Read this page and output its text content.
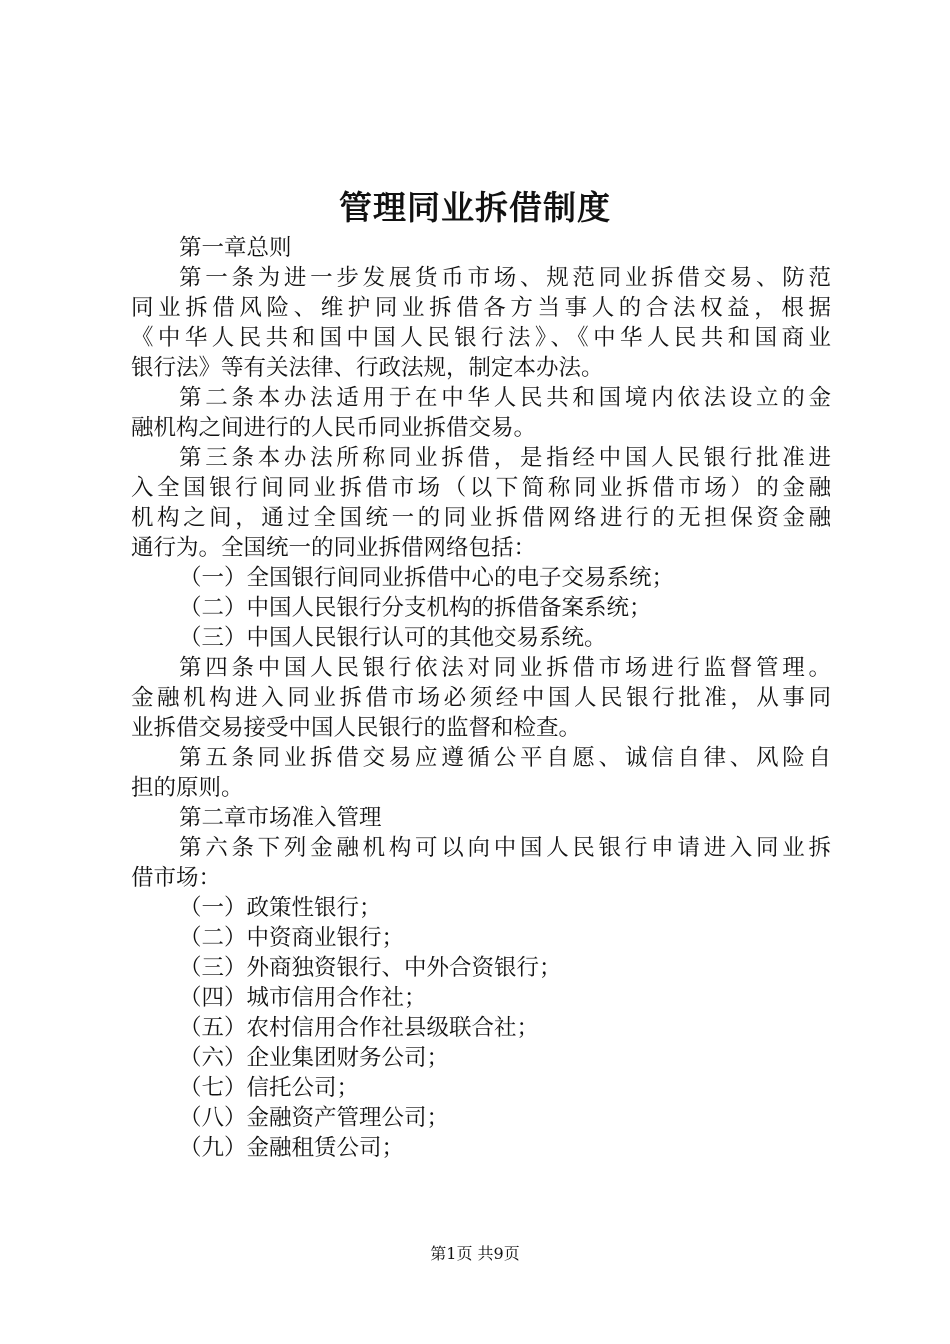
管理同业拆借制度
第一章总则
第一条为进一步发展货币市场、规范同业拆借交易、防范
同业拆借风险、维护同业拆借各方当事人的合法权益，根据
《中华人民共和国中国人民银行法》、《中华人民共和国商业
银行法》等有关法律、行政法规，制定本办法。
第二条本办法适用于在中华人民共和国境内依法设立的金
融机构之间进行的人民币同业拆借交易。
第三条本办法所称同业拆借，是指经中国人民银行批准进
入全国银行间同业拆借市场（以下简称同业拆借市场）的金融
机构之间，通过全国统一的同业拆借网络进行的无担保资金融
通行为。全国统一的同业拆借网络包括：
（一）全国银行间同业拆借中心的电子交易系统；
（二）中国人民银行分支机构的拆借备案系统；
（三）中国人民银行认可的其他交易系统。
第四条中国人民银行依法对同业拆借市场进行监督管理。
金融机构进入同业拆借市场必须经中国人民银行批准，从事同
业拆借交易接受中国人民银行的监督和检查。
第五条同业拆借交易应遵循公平自愿、诚信自律、风险自
担的原则。
第二章市场准入管理
第六条下列金融机构可以向中国人民银行申请进入同业拆
借市场：
（一）政策性银行；
（二）中资商业银行；
（三）外商独资银行、中外合资银行；
（四）城市信用合作社；
（五）农村信用合作社县级联合社；
（六）企业集团财务公司；
（七）信托公司；
（八）金融资产管理公司；
（九）金融租赁公司；
第1页 共9页
